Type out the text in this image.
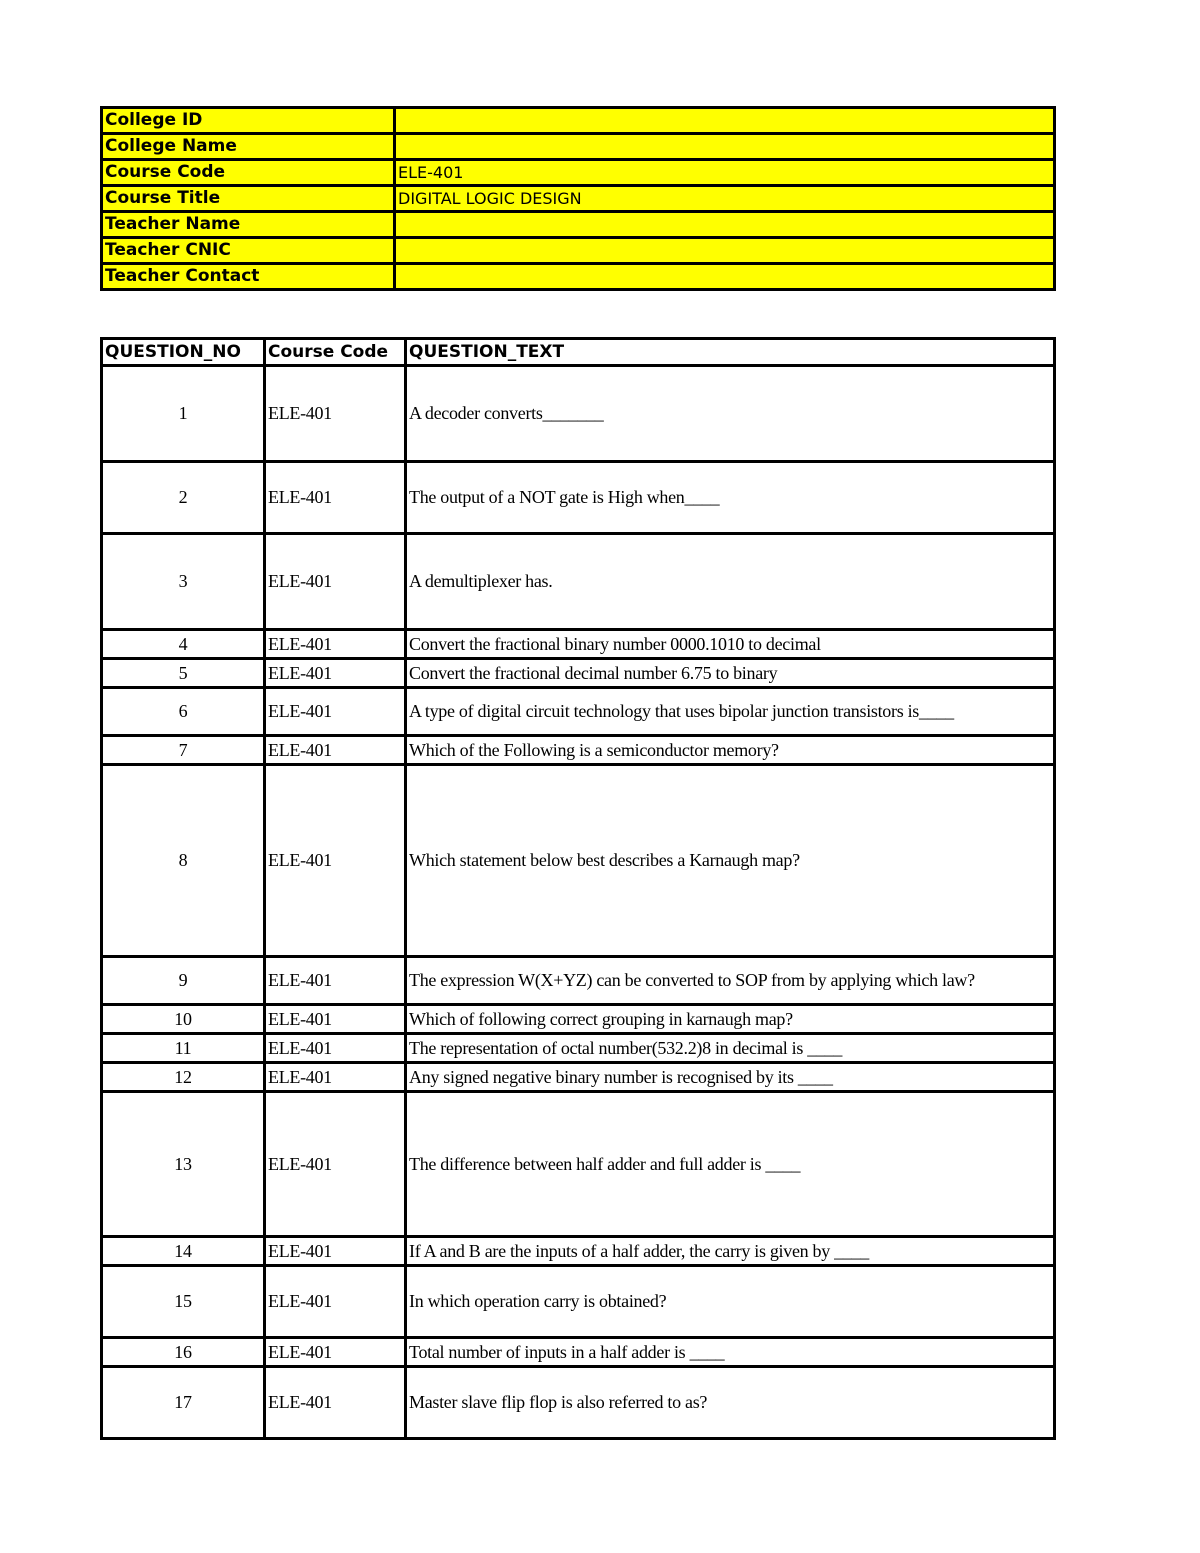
College ID	
College Name	
Course Code	ELE-401
Course Title	DIGITAL LOGIC DESIGN
Teacher Name	
Teacher CNIC	
Teacher Contact	
QUESTION_NO	Course Code	QUESTION_TEXT
1	ELE-401	A decoder converts_______
2	ELE-401	The output of a NOT gate is High when____
3	ELE-401	A demultiplexer has.
4	ELE-401	Convert the fractional binary number 0000.1010 to decimal
5	ELE-401	Convert the fractional decimal number 6.75 to binary
6	ELE-401	A type of digital circuit technology that uses bipolar junction transistors is____
7	ELE-401	Which of the Following is a semiconductor memory?
8	ELE-401	Which statement below best describes a Karnaugh map?
9	ELE-401	The expression W(X+YZ) can be converted to SOP from by applying which law?
10	ELE-401	Which of following correct grouping in karnaugh map?
11	ELE-401	The representation of octal number(532.2)8 in decimal is ____
12	ELE-401	Any signed negative binary number is recognised by its ____
13	ELE-401	The difference between half adder and full adder is ____
14	ELE-401	If A and B are the inputs of a half adder, the carry is given by ____
15	ELE-401	In which operation carry is obtained?
16	ELE-401	Total number of inputs in a half adder is ____
17	ELE-401	Master slave flip flop is also referred to as?
